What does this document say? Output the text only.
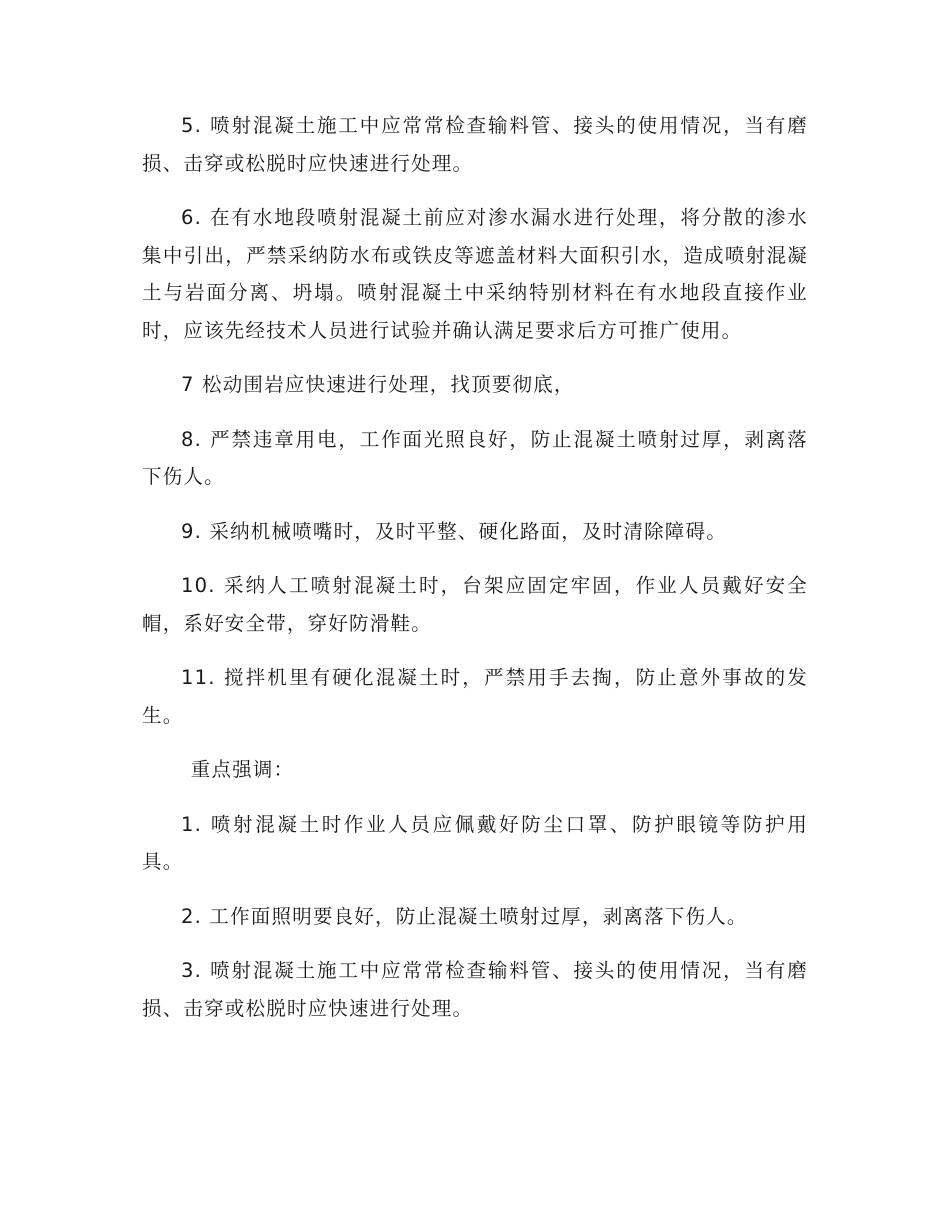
5. 喷射混凝土施工中应常常检查输料管、接头的使用情况，当有磨损、击穿或松脱时应快速进行处理。

6. 在有水地段喷射混凝土前应对渗水漏水进行处理，将分散的渗水集中引出，严禁采纳防水布或铁皮等遮盖材料大面积引水，造成喷射混凝土与岩面分离、坍塌。喷射混凝土中采纳特别材料在有水地段直接作业时，应该先经技术人员进行试验并确认满足要求后方可推广使用。

7 松动围岩应快速进行处理，找顶要彻底，

8. 严禁违章用电，工作面光照良好，防止混凝土喷射过厚，剥离落下伤人。

9. 采纳机械喷嘴时，及时平整、硬化路面，及时清除障碍。

10. 采纳人工喷射混凝土时，台架应固定牢固，作业人员戴好安全帽，系好安全带，穿好防滑鞋。

11. 搅拌机里有硬化混凝土时，严禁用手去掏，防止意外事故的发生。

重点强调：

1. 喷射混凝土时作业人员应佩戴好防尘口罩、防护眼镜等防护用具。

2. 工作面照明要良好，防止混凝土喷射过厚，剥离落下伤人。

3. 喷射混凝土施工中应常常检查输料管、接头的使用情况，当有磨损、击穿或松脱时应快速进行处理。
